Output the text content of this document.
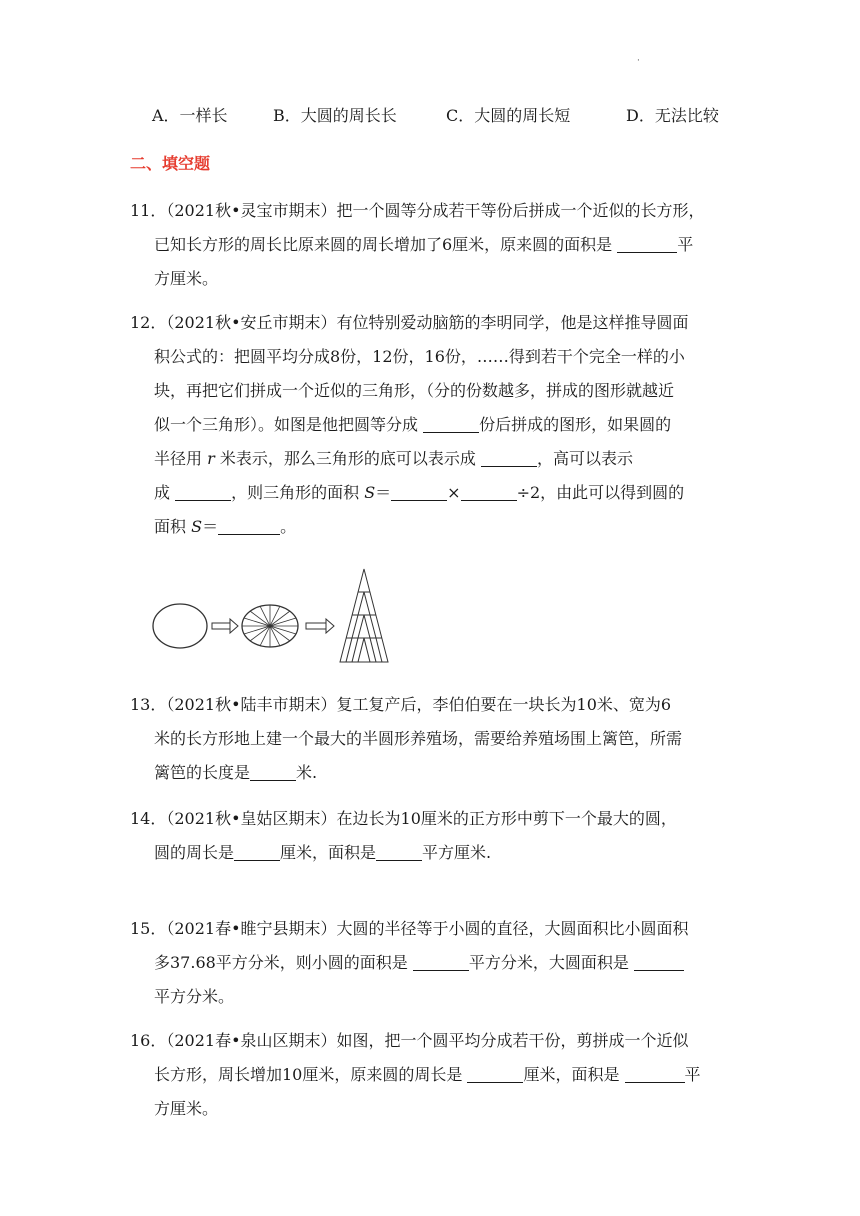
·
A．一样长	B．大圆的周长长	C．大圆的周长短	D．无法比较
二、填空题
11．（2021秋•灵宝市期末）把一个圆等分成若干等份后拼成一个近似的长方形，
已知长方形的周长比原来圆的周长增加了6厘米，原来圆的面积是	平
方厘米。
12．（2021秋•安丘市期末）有位特别爱动脑筋的李明同学，他是这样推导圆面
积公式的：把圆平均分成8份，12份，16份，……得到若干个完全一样的小
块，再把它们拼成一个近似的三角形，（分的份数越多，拼成的图形就越近
似一个三角形）。如图是他把圆等分成	份后拼成的图形，如果圆的
半径用 r 米表示，那么三角形的底可以表示成	，高可以表示
成	，则三角形的面积 S＝	×	÷2，由此可以得到圆的
面积 S＝	。
13．（2021秋•陆丰市期末）复工复产后，李伯伯要在一块长为10米、宽为6
米的长方形地上建一个最大的半圆形养殖场，需要给养殖场围上篱笆，所需
篱笆的长度是	米.
14．（2021秋•皇姑区期末）在边长为10厘米的正方形中剪下一个最大的圆，
圆的周长是	厘米，面积是	平方厘米.
15．（2021春•睢宁县期末）大圆的半径等于小圆的直径，大圆面积比小圆面积
多37.68平方分米，则小圆的面积是	平方分米，大圆面积是
平方分米。
16．（2021春•泉山区期末）如图，把一个圆平均分成若干份，剪拼成一个近似
长方形，周长增加10厘米，原来圆的周长是	厘米，面积是	平
方厘米。
